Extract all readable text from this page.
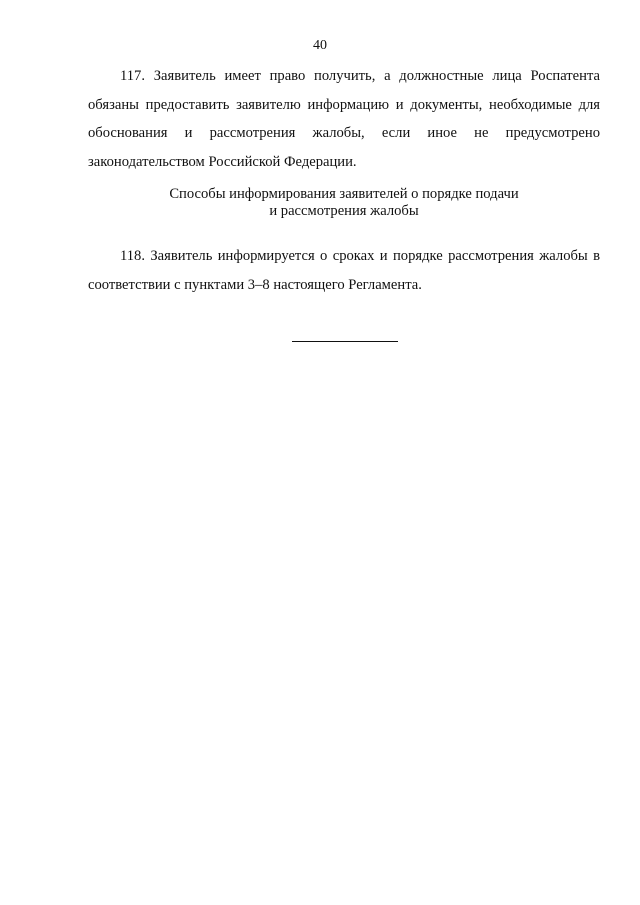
40

117. Заявитель имеет право получить, а должностные лица Роспатента обязаны предоставить заявителю информацию и документы, необходимые для обоснования и рассмотрения жалобы, если иное не предусмотрено законодательством Российской Федерации.

Способы информирования заявителей о порядке подачи
и рассмотрения жалобы

118. Заявитель информируется о сроках и порядке рассмотрения жалобы в соответствии с пунктами 3–8 настоящего Регламента.
